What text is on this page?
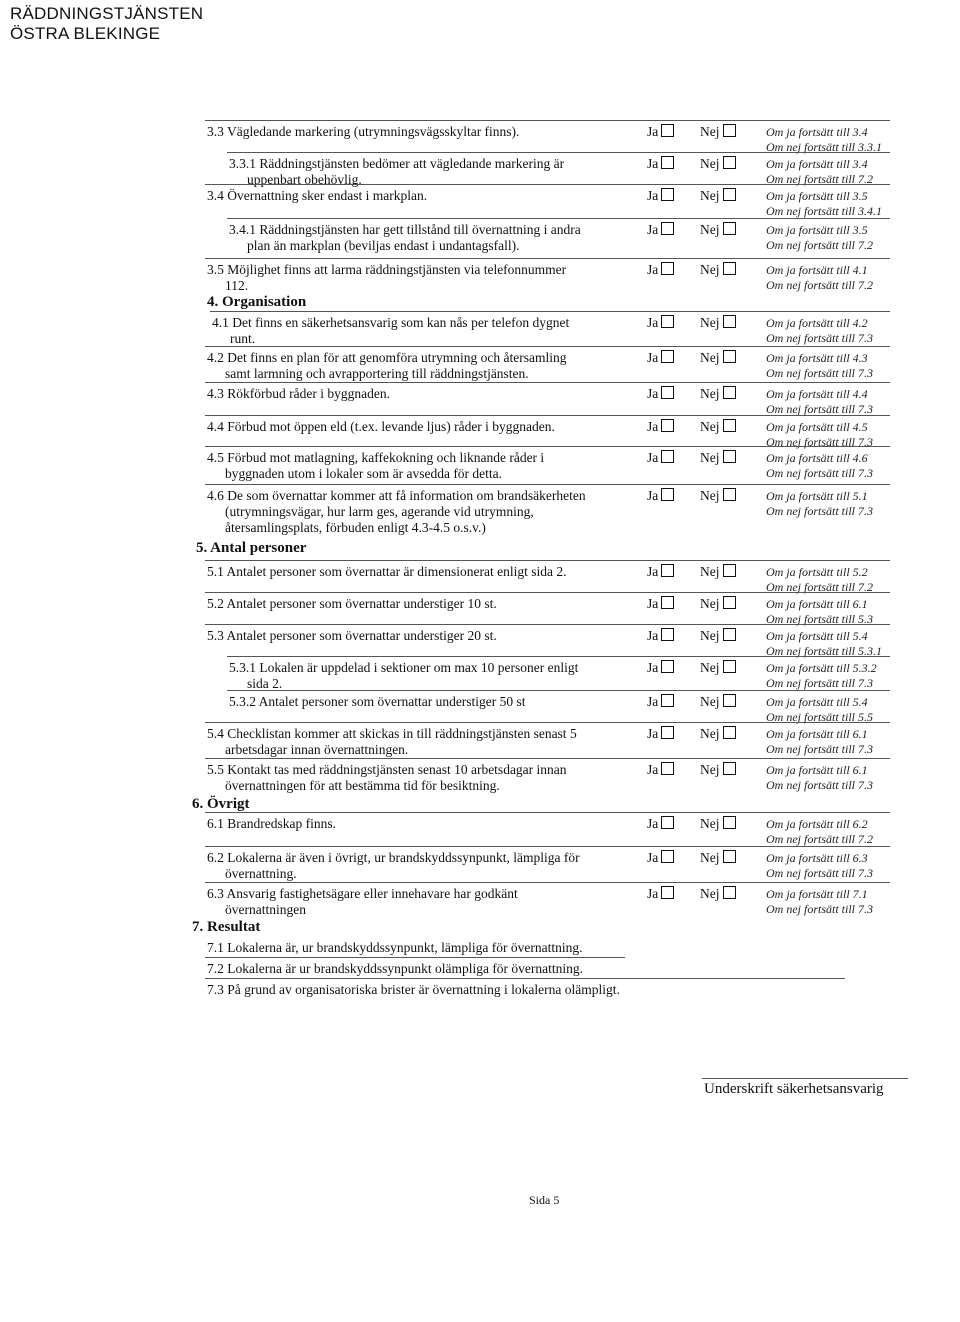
RÄDDNINGSTJÄNSTEN
ÖSTRA BLEKINGE
4. Organisation
5. Antal personer
6. Övrigt
7. Resultat
3.3 Vägledande markering (utrymningsvägsskyltar finns).	Ja	Nej	Om ja fortsätt till 3.4
Om nej fortsätt till 3.3.1
3.3.1 Räddningstjänsten bedömer att vägledande markering är
uppenbart obehövlig.
Ja	Nej	Om ja fortsätt till 3.4
Om nej fortsätt till 7.2
3.4 Övernattning sker endast i markplan.	Ja	Nej	Om ja fortsätt till 3.5
Om nej fortsätt till 3.4.1
3.4.1 Räddningstjänsten har gett tillstånd till övernattning i andra
plan än markplan (beviljas endast i undantagsfall).
Ja	Nej	Om ja fortsätt till 3.5
Om nej fortsätt till 7.2
3.5 Möjlighet finns att larma räddningstjänsten via telefonnummer
112.
Ja	Nej	Om ja fortsätt till 4.1
Om nej fortsätt till 7.2
4.1 Det finns en säkerhetsansvarig som kan nås per telefon dygnet
runt.
Ja	Nej	Om ja fortsätt till 4.2
Om nej fortsätt till 7.3
4.2 Det finns en plan för att genomföra utrymning och återsamling
samt larmning och avrapportering till räddningstjänsten.
Ja	Nej	Om ja fortsätt till 4.3
Om nej fortsätt till 7.3
4.3 Rökförbud råder i byggnaden.	Ja	Nej	Om ja fortsätt till 4.4
Om nej fortsätt till 7.3
4.4 Förbud mot öppen eld (t.ex. levande ljus) råder i byggnaden.	Ja	Nej	Om ja fortsätt till 4.5
Om nej fortsätt till 7.3
4.5 Förbud mot matlagning, kaffekokning och liknande råder i
byggnaden utom i lokaler som är avsedda för detta.
Ja	Nej	Om ja fortsätt till 4.6
Om nej fortsätt till 7.3
4.6 De som övernattar kommer att få information om brandsäkerheten
(utrymningsvägar, hur larm ges, agerande vid utrymning,
återsamlingsplats, förbuden enligt 4.3-4.5 o.s.v.)
Ja	Nej	Om ja fortsätt till 5.1
Om nej fortsätt till 7.3
5.1 Antalet personer som övernattar är dimensionerat enligt sida 2.	Ja	Nej	Om ja fortsätt till 5.2
Om nej fortsätt till 7.2
5.2 Antalet personer som övernattar understiger 10 st.	Ja	Nej	Om ja fortsätt till 6.1
Om nej fortsätt till 5.3
5.3 Antalet personer som övernattar understiger 20 st.	Ja	Nej	Om ja fortsätt till 5.4
Om nej fortsätt till 5.3.1
5.3.1 Lokalen är uppdelad i sektioner om max 10 personer enligt
sida 2.
Ja	Nej	Om ja fortsätt till 5.3.2
Om nej fortsätt till 7.3
5.3.2 Antalet personer som övernattar understiger 50 st	Ja	Nej	Om ja fortsätt till 5.4
Om nej fortsätt till 5.5
5.4 Checklistan kommer att skickas in till räddningstjänsten senast 5
arbetsdagar innan övernattningen.
Ja	Nej	Om ja fortsätt till 6.1
Om nej fortsätt till 7.3
5.5 Kontakt tas med räddningstjänsten senast 10 arbetsdagar innan
övernattningen för att bestämma tid för besiktning.
Ja	Nej	Om ja fortsätt till 6.1
Om nej fortsätt till 7.3
6.1 Brandredskap finns.	Ja	Nej	Om ja fortsätt till 6.2
Om nej fortsätt till 7.2
6.2 Lokalerna är även i övrigt, ur brandskyddssynpunkt, lämpliga för
övernattning.
Ja	Nej	Om ja fortsätt till 6.3
Om nej fortsätt till 7.3
6.3 Ansvarig fastighetsägare eller innehavare har godkänt
övernattningen
Ja	Nej	Om ja fortsätt till 7.1
Om nej fortsätt till 7.3
7.1 Lokalerna är, ur brandskyddssynpunkt, lämpliga för övernattning.
7.2 Lokalerna är ur brandskyddssynpunkt olämpliga för övernattning.
7.3 På grund av organisatoriska brister är övernattning i lokalerna olämpligt.
Underskrift säkerhetsansvarig
Sida 5
